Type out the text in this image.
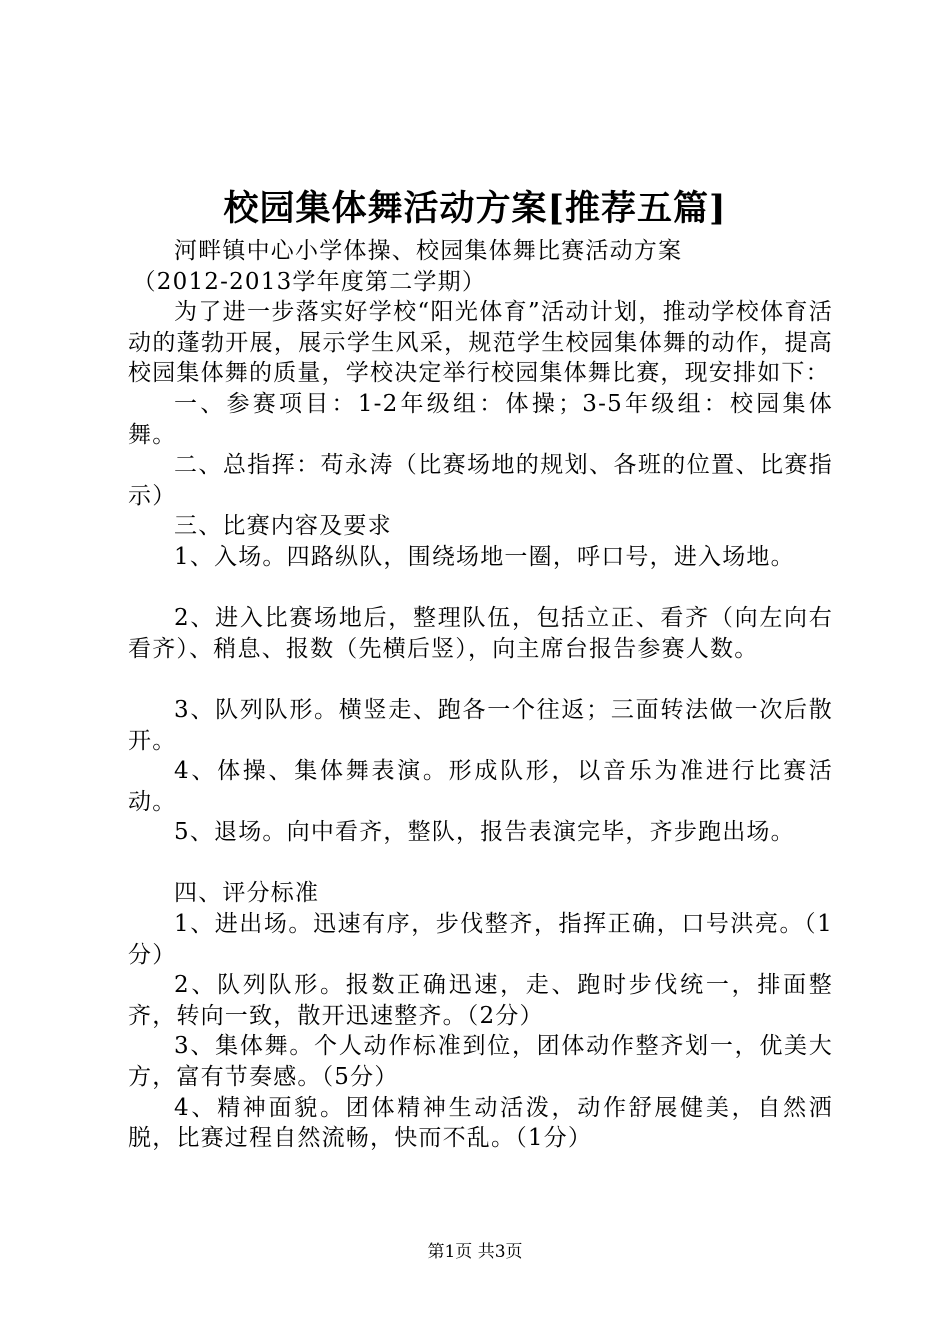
校园集体舞活动方案[推荐五篇]

河畔镇中心小学体操、校园集体舞比赛活动方案

（2012-2013学年度第二学期）

为了进一步落实好学校“阳光体育”活动计划，推动学校体育活动的蓬勃开展，展示学生风采，规范学生校园集体舞的动作，提高校园集体舞的质量，学校决定举行校园集体舞比赛，现安排如下：

一、参赛项目：1-2年级组：体操；3-5年级组：校园集体舞。

二、总指挥：苟永涛（比赛场地的规划、各班的位置、比赛指示）

三、比赛内容及要求

1、入场。四路纵队，围绕场地一圈，呼口号，进入场地。

2、进入比赛场地后，整理队伍，包括立正、看齐（向左向右看齐）、稍息、报数（先横后竖），向主席台报告参赛人数。

3、队列队形。横竖走、跑各一个往返；三面转法做一次后散开。

4、体操、集体舞表演。形成队形，以音乐为准进行比赛活动。

5、退场。向中看齐，整队，报告表演完毕，齐步跑出场。

四、评分标准

1、进出场。迅速有序，步伐整齐，指挥正确，口号洪亮。（1分）

2、队列队形。报数正确迅速，走、跑时步伐统一，排面整齐，转向一致，散开迅速整齐。（2分）

3、集体舞。个人动作标准到位，团体动作整齐划一，优美大方，富有节奏感。（5分）

4、精神面貌。团体精神生动活泼，动作舒展健美，自然洒脱，比赛过程自然流畅，快而不乱。（1分）

第1页 共3页
